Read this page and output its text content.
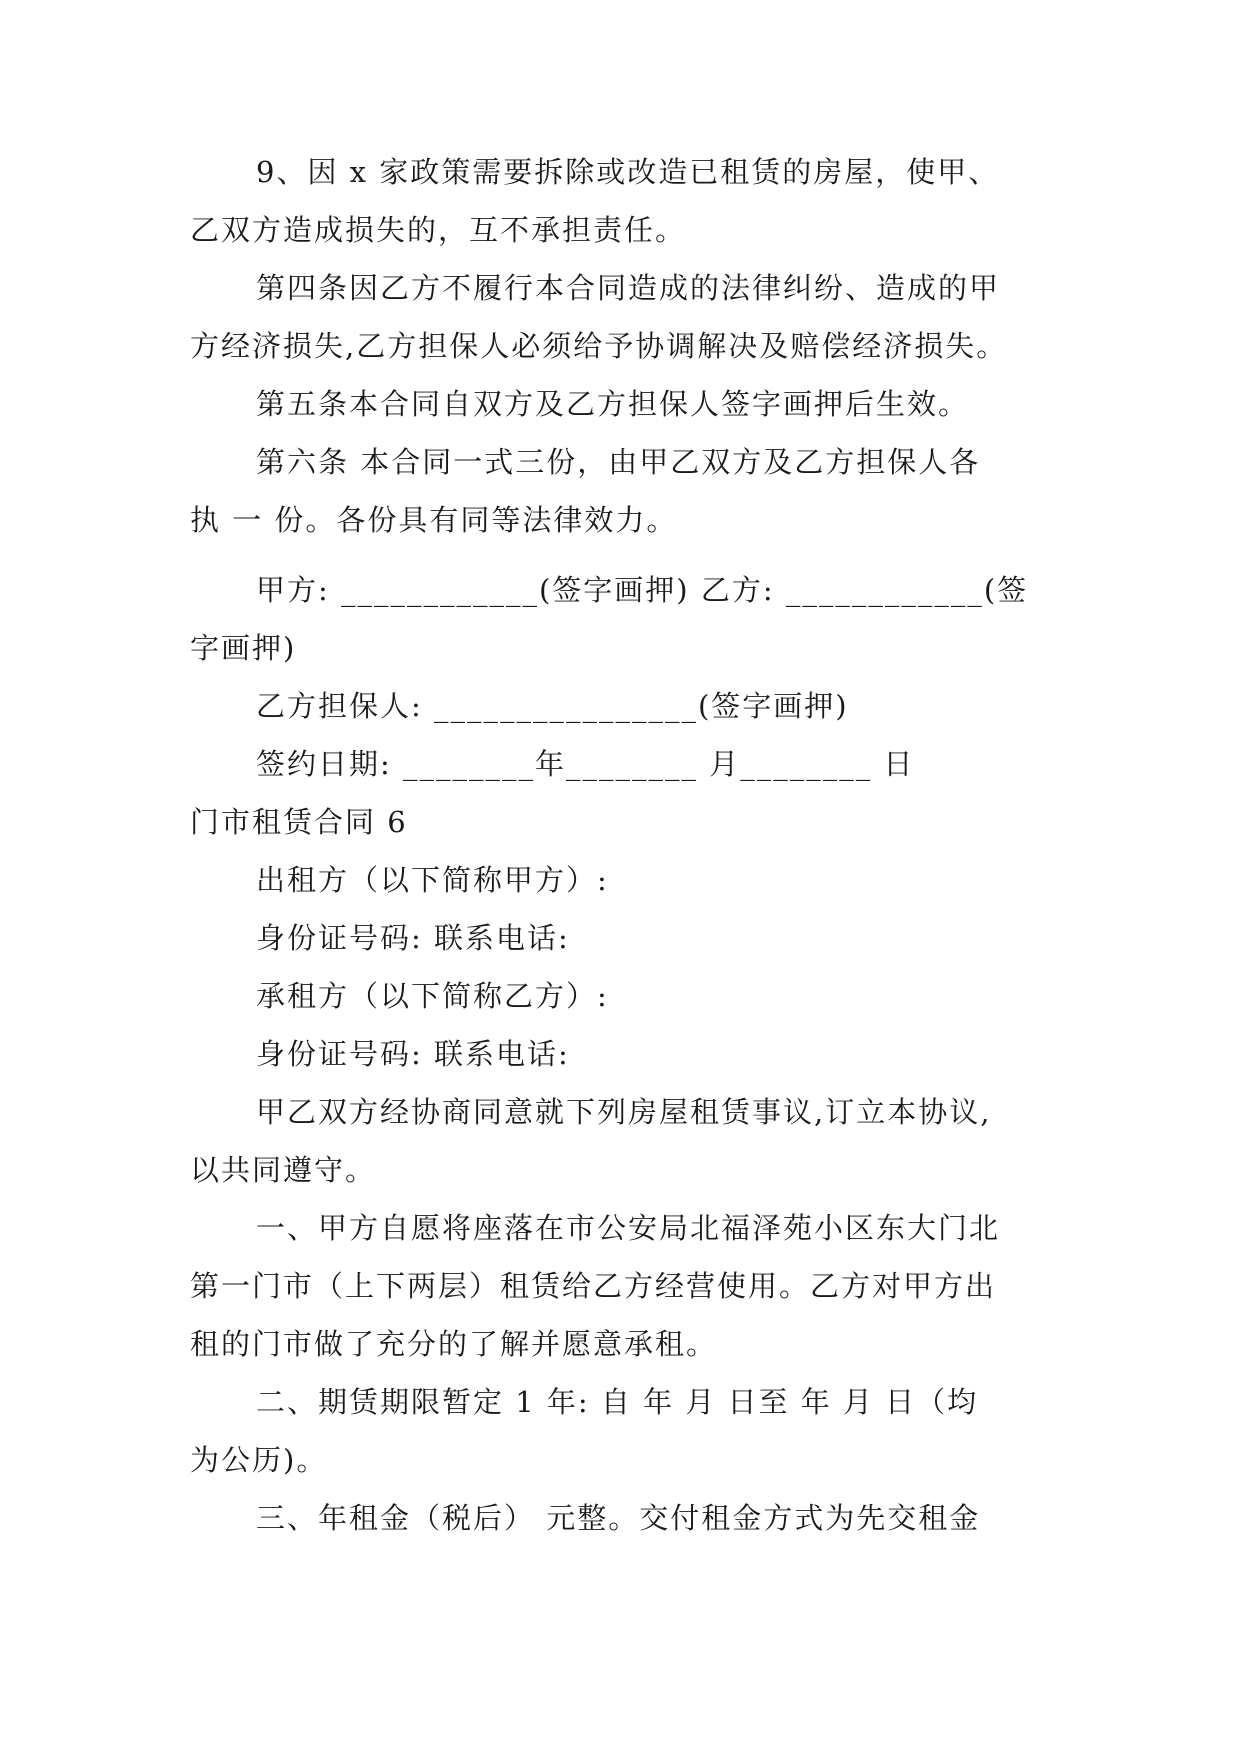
9、因 x 家政策需要拆除或改造已租赁的房屋，使甲、
乙双方造成损失的，互不承担责任。
第四条因乙方不履行本合同造成的法律纠纷、造成的甲
方经济损失,乙方担保人必须给予协调解决及赔偿经济损失。
第五条本合同自双方及乙方担保人签字画押后生效。
第六条 本合同一式三份，由甲乙双方及乙方担保人各
执 一 份。各份具有同等法律效力。
甲方: ____________(签字画押) 乙方: ____________(签
字画押)
乙方担保人: ________________(签字画押)
签约日期: ________年________ 月________ 日
门市租赁合同 6
出租方（以下简称甲方）:
身份证号码: 联系电话:
承租方（以下简称乙方）:
身份证号码: 联系电话:
甲乙双方经协商同意就下列房屋租赁事议,订立本协议,
以共同遵守。
一、甲方自愿将座落在市公安局北福泽苑小区东大门北
第一门市（上下两层）租赁给乙方经营使用。乙方对甲方出
租的门市做了充分的了解并愿意承租。
二、期赁期限暂定 1 年: 自 年 月 日至 年 月 日（均
为公历)。
三、年租金（税后） 元整。交付租金方式为先交租金
